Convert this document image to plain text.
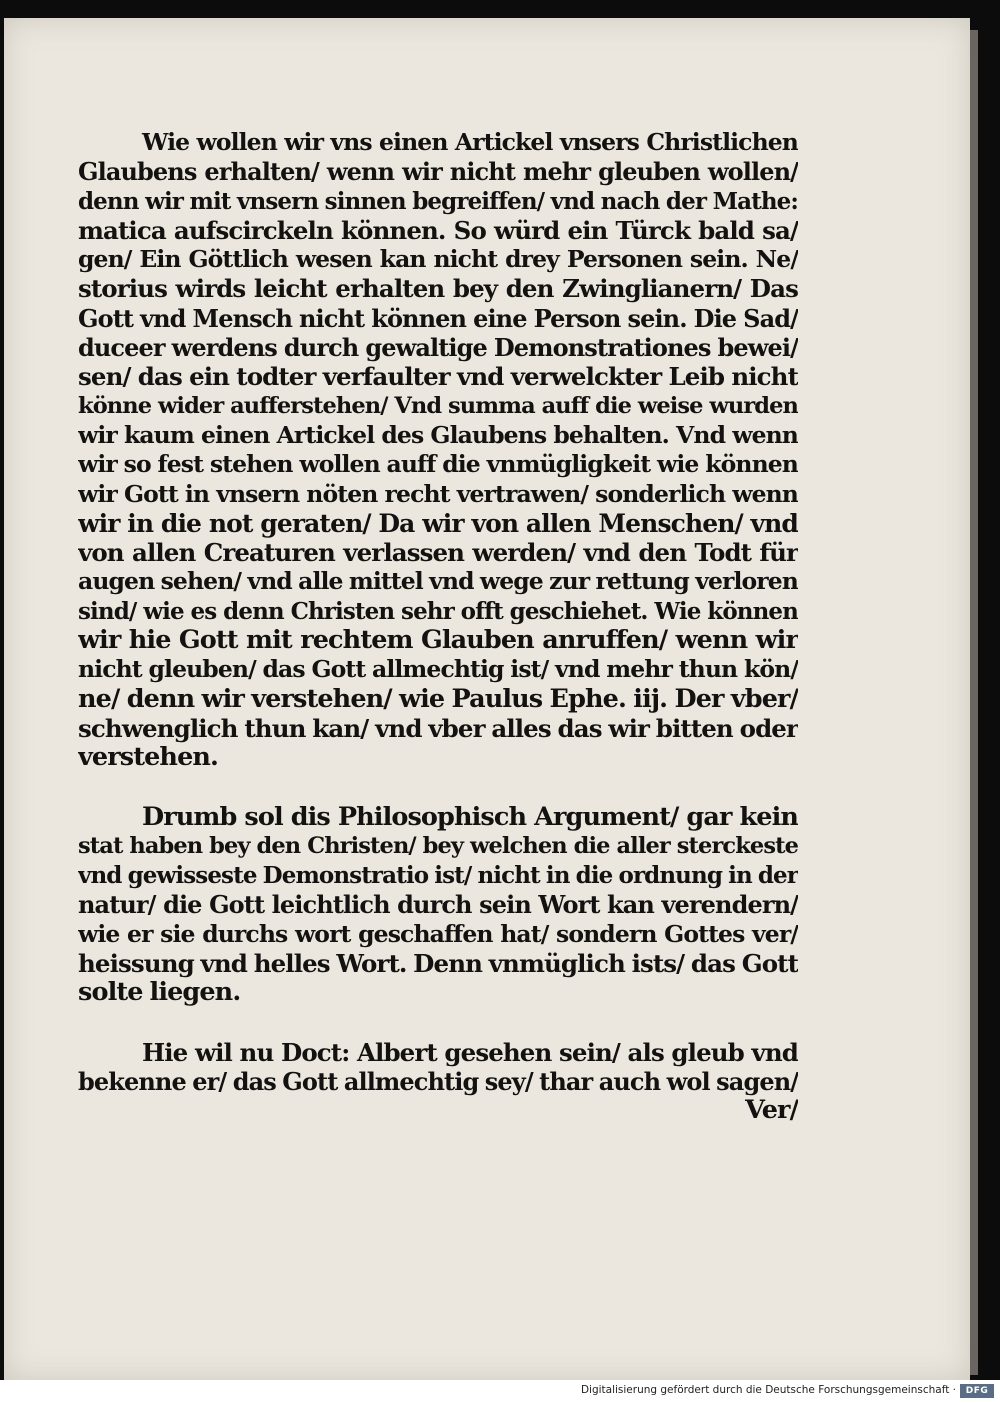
Wie wollen wir vns einen Artickel vnsers Christlichen
Glaubens erhalten/ wenn wir nicht mehr gleuben wollen/
denn wir mit vnsern sinnen begreiffen/ vnd nach der Mathe:
matica aufscirckeln können. So würd ein Türck bald sa/
gen/ Ein Göttlich wesen kan nicht drey Personen sein. Ne/
storius wirds leicht erhalten bey den Zwinglianern/ Das
Gott vnd Mensch nicht können eine Person sein. Die Sad/
duceer werdens durch gewaltige Demonstrationes bewei/
sen/ das ein todter verfaulter vnd verwelckter Leib nicht
könne wider aufferstehen/ Vnd summa auff die weise wurden
wir kaum einen Artickel des Glaubens behalten. Vnd wenn
wir so fest stehen wollen auff die vnmügligkeit wie können
wir Gott in vnsern nöten recht vertrawen/ sonderlich wenn
wir in die not geraten/ Da wir von allen Menschen/ vnd
von allen Creaturen verlassen werden/ vnd den Todt für
augen sehen/ vnd alle mittel vnd wege zur rettung verloren
sind/ wie es denn Christen sehr offt geschiehet. Wie können
wir hie Gott mit rechtem Glauben anruffen/ wenn wir
nicht gleuben/ das Gott allmechtig ist/ vnd mehr thun kön/
ne/ denn wir verstehen/ wie Paulus Ephe. iij. Der vber/
schwenglich thun kan/ vnd vber alles das wir bitten oder
verstehen.
Drumb sol dis Philosophisch Argument/ gar kein
stat haben bey den Christen/ bey welchen die aller sterckeste
vnd gewisseste Demonstratio ist/ nicht in die ordnung in der
natur/ die Gott leichtlich durch sein Wort kan verendern/
wie er sie durchs wort geschaffen hat/ sondern Gottes ver/
heissung vnd helles Wort. Denn vnmüglich ists/ das Gott
solte liegen.
Hie wil nu Doct: Albert gesehen sein/ als gleub vnd
bekenne er/ das Gott allmechtig sey/ thar auch wol sagen/
Ver/
Digitalisierung gefördert durch die Deutsche Forschungsgemeinschaft ·	DFG
